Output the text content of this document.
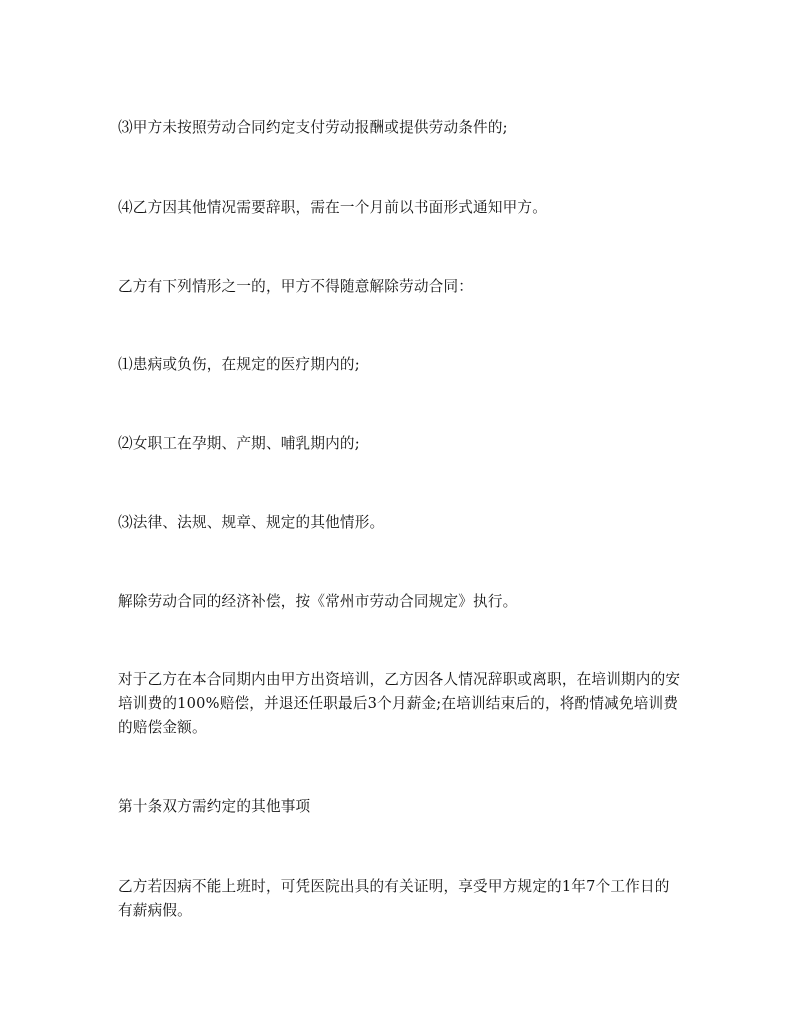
⑶甲方未按照劳动合同约定支付劳动报酬或提供劳动条件的;

⑷乙方因其他情况需要辞职，需在一个月前以书面形式通知甲方。

乙方有下列情形之一的，甲方不得随意解除劳动合同：

⑴患病或负伤，在规定的医疗期内的;

⑵女职工在孕期、产期、哺乳期内的;

⑶法律、法规、规章、规定的其他情形。

解除劳动合同的经济补偿，按《常州市劳动合同规定》执行。

对于乙方在本合同期内由甲方出资培训，乙方因各人情况辞职或离职，在培训期内的安培训费的100%赔偿，并退还任职最后3个月薪金;在培训结束后的，将酌情减免培训费的赔偿金额。

第十条双方需约定的其他事项

乙方若因病不能上班时，可凭医院出具的有关证明，享受甲方规定的1年7个工作日的有薪病假。
